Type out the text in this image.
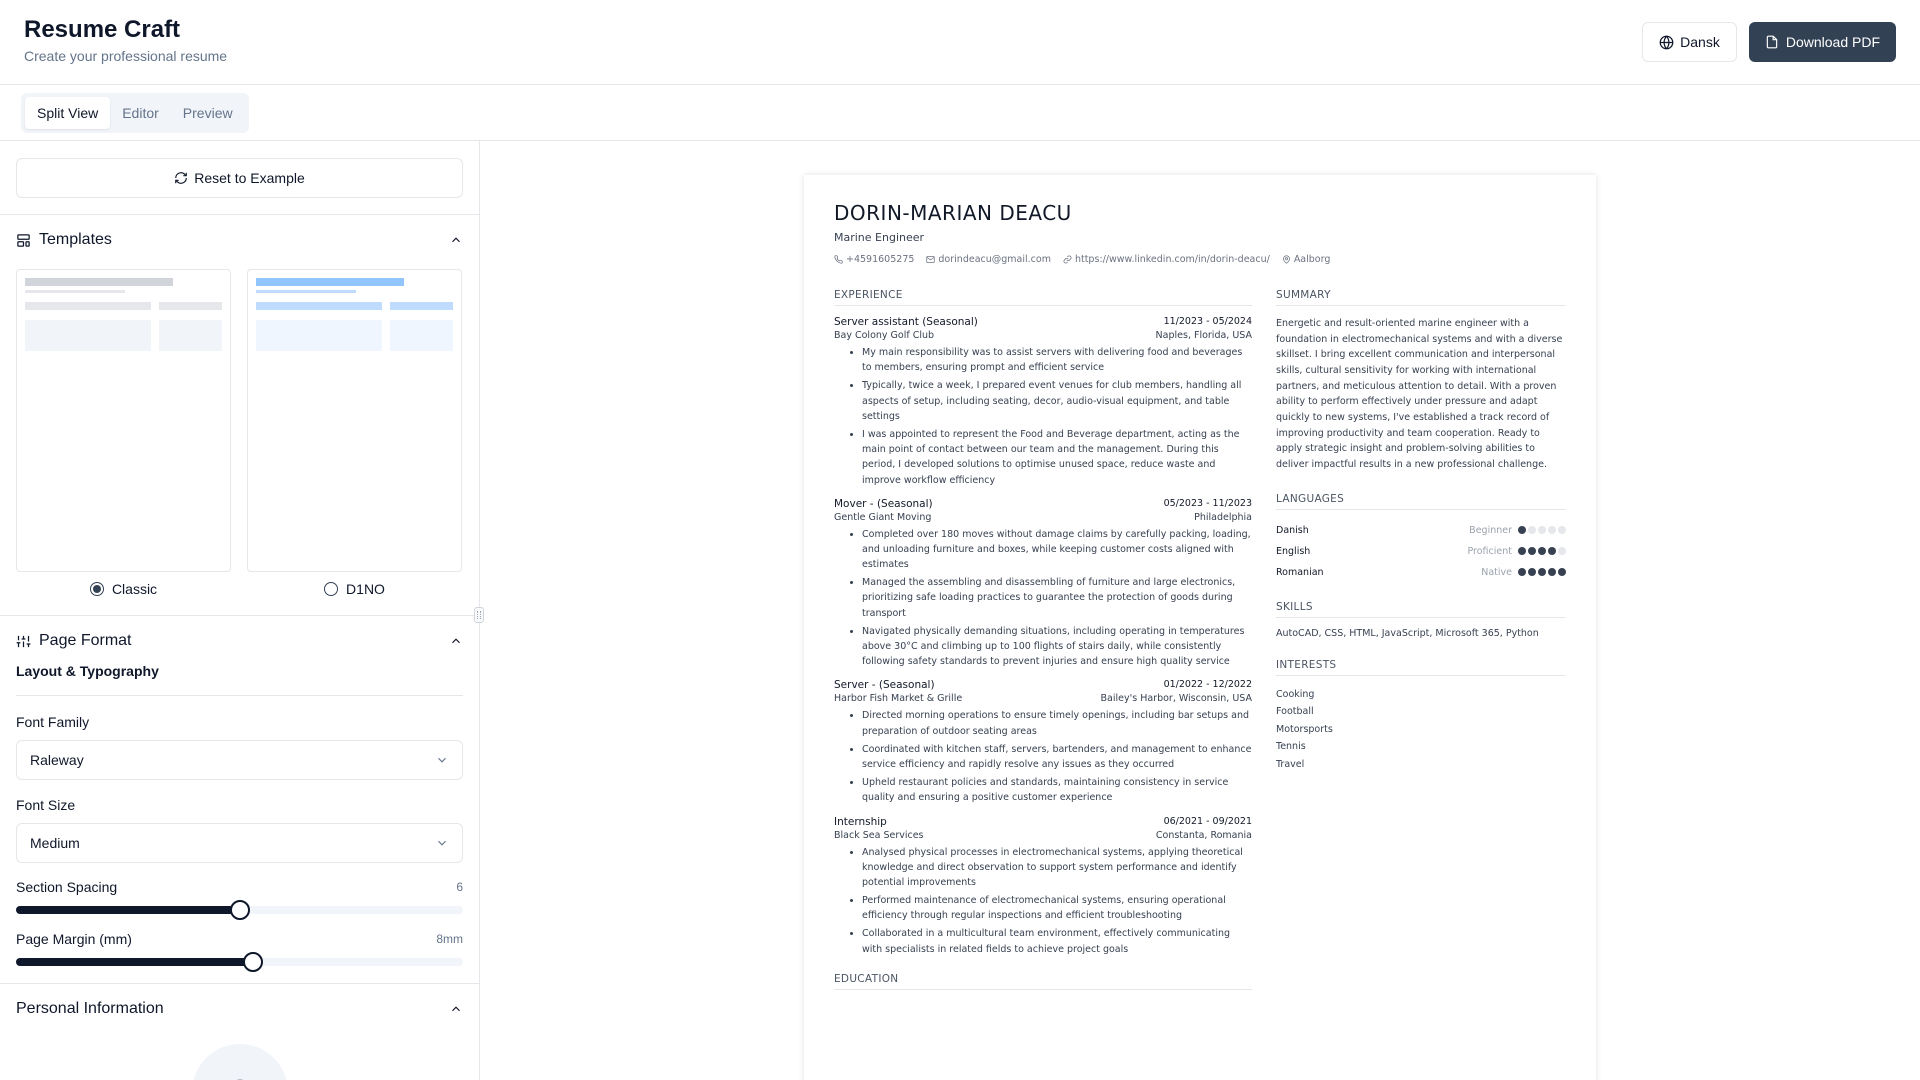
Resume Craft
Create your professional resume
Dansk	Download PDF
Split View	Editor	Preview
Reset to Example
Templates
Classic	D1NO
Page Format
Layout & Typography
Font Family
Raleway
Font Size
Medium
Section Spacing	6
Page Margin (mm)	8mm
Personal Information
DORIN-MARIAN DEACU
Marine Engineer
+4591605275	dorindeacu@gmail.com	https://www.linkedin.com/in/dorin-deacu/	Aalborg
EXPERIENCE
Server assistant (Seasonal)	11/2023 - 05/2024
Bay Colony Golf Club	Naples, Florida, USA
• My main responsibility was to assist servers with delivering food and beverages to members, ensuring prompt and efficient service
• Typically, twice a week, I prepared event venues for club members, handling all aspects of setup, including seating, decor, audio-visual equipment, and table settings
• I was appointed to represent the Food and Beverage department, acting as the main point of contact between our team and the management. During this period, I developed solutions to optimise unused space, reduce waste and improve workflow efficiency
Mover - (Seasonal)	05/2023 - 11/2023
Gentle Giant Moving	Philadelphia
• Completed over 180 moves without damage claims by carefully packing, loading, and unloading furniture and boxes, while keeping customer costs aligned with estimates
• Managed the assembling and disassembling of furniture and large electronics, prioritizing safe loading practices to guarantee the protection of goods during transport
• Navigated physically demanding situations, including operating in temperatures above 30°C and climbing up to 100 flights of stairs daily, while consistently following safety standards to prevent injuries and ensure high quality service
Server - (Seasonal)	01/2022 - 12/2022
Harbor Fish Market & Grille	Bailey's Harbor, Wisconsin, USA
• Directed morning operations to ensure timely openings, including bar setups and preparation of outdoor seating areas
• Coordinated with kitchen staff, servers, bartenders, and management to enhance service efficiency and rapidly resolve any issues as they occurred
• Upheld restaurant policies and standards, maintaining consistency in service quality and ensuring a positive customer experience
Internship	06/2021 - 09/2021
Black Sea Services	Constanta, Romania
• Analysed physical processes in electromechanical systems, applying theoretical knowledge and direct observation to support system performance and identify potential improvements
• Performed maintenance of electromechanical systems, ensuring operational efficiency through regular inspections and efficient troubleshooting
• Collaborated in a multicultural team environment, effectively communicating with specialists in related fields to achieve project goals
EDUCATION
SUMMARY
Energetic and result-oriented marine engineer with a foundation in electromechanical systems and with a diverse skillset. I bring excellent communication and interpersonal skills, cultural sensitivity for working with international partners, and meticulous attention to detail. With a proven ability to perform effectively under pressure and adapt quickly to new systems, I've established a track record of improving productivity and team cooperation. Ready to apply strategic insight and problem-solving abilities to deliver impactful results in a new professional challenge.
LANGUAGES
Danish	Beginner
English	Proficient
Romanian	Native
SKILLS
AutoCAD, CSS, HTML, JavaScript, Microsoft 365, Python
INTERESTS
Cooking
Football
Motorsports
Tennis
Travel
